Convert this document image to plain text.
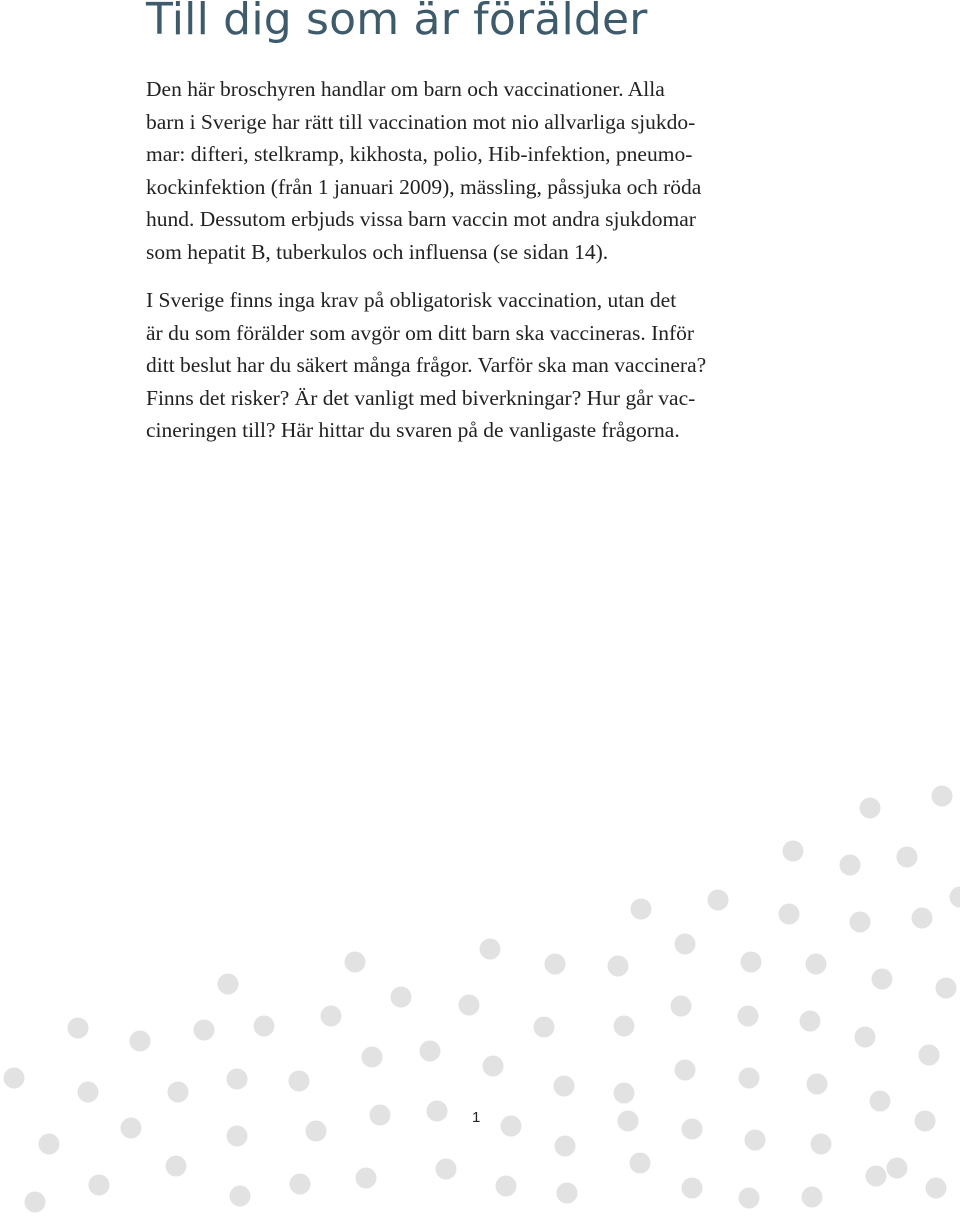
Till dig som är förälder

Den här broschyren handlar om barn och vaccinationer. Alla
barn i Sverige har rätt till vaccination mot nio allvarliga sjukdo-
mar: difteri, stelkramp, kikhosta, polio, Hib-infektion, pneumo-
kockinfektion (från 1 januari 2009), mässling, påssjuka och röda
hund. Dessutom erbjuds vissa barn vaccin mot andra sjukdomar
som hepatit B, tuberkulos och influensa (se sidan 14).

I Sverige finns inga krav på obligatorisk vaccination, utan det
är du som förälder som avgör om ditt barn ska vaccineras. Inför
ditt beslut har du säkert många frågor. Varför ska man vaccinera?
Finns det risker? Är det vanligt med biverkningar? Hur går vac-
cineringen till? Här hittar du svaren på de vanligaste frågorna.

1
